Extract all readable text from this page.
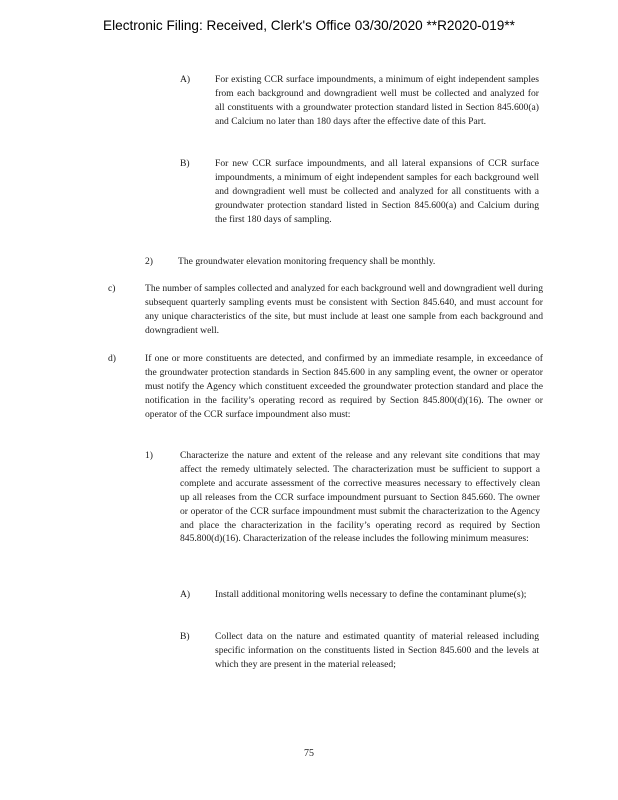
Electronic Filing: Received, Clerk's Office 03/30/2020 **R2020-019**
A)	For existing CCR surface impoundments, a minimum of eight independent samples from each background and downgradient well must be collected and analyzed for all constituents with a groundwater protection standard listed in Section 845.600(a) and Calcium no later than 180 days after the effective date of this Part.
B)	For new CCR surface impoundments, and all lateral expansions of CCR surface impoundments, a minimum of eight independent samples for each background well and downgradient well must be collected and analyzed for all constituents with a groundwater protection standard listed in Section 845.600(a) and Calcium during the first 180 days of sampling.
2)	The groundwater elevation monitoring frequency shall be monthly.
c)	The number of samples collected and analyzed for each background well and downgradient well during subsequent quarterly sampling events must be consistent with Section 845.640, and must account for any unique characteristics of the site, but must include at least one sample from each background and downgradient well.
d)	If one or more constituents are detected, and confirmed by an immediate resample, in exceedance of the groundwater protection standards in Section 845.600 in any sampling event, the owner or operator must notify the Agency which constituent exceeded the groundwater protection standard and place the notification in the facility’s operating record as required by Section 845.800(d)(16). The owner or operator of the CCR surface impoundment also must:
1)	Characterize the nature and extent of the release and any relevant site conditions that may affect the remedy ultimately selected. The characterization must be sufficient to support a complete and accurate assessment of the corrective measures necessary to effectively clean up all releases from the CCR surface impoundment pursuant to Section 845.660. The owner or operator of the CCR surface impoundment must submit the characterization to the Agency and place the characterization in the facility’s operating record as required by Section 845.800(d)(16). Characterization of the release includes the following minimum measures:
A)	Install additional monitoring wells necessary to define the contaminant plume(s);
B)	Collect data on the nature and estimated quantity of material released including specific information on the constituents listed in Section 845.600 and the levels at which they are present in the material released;
75
